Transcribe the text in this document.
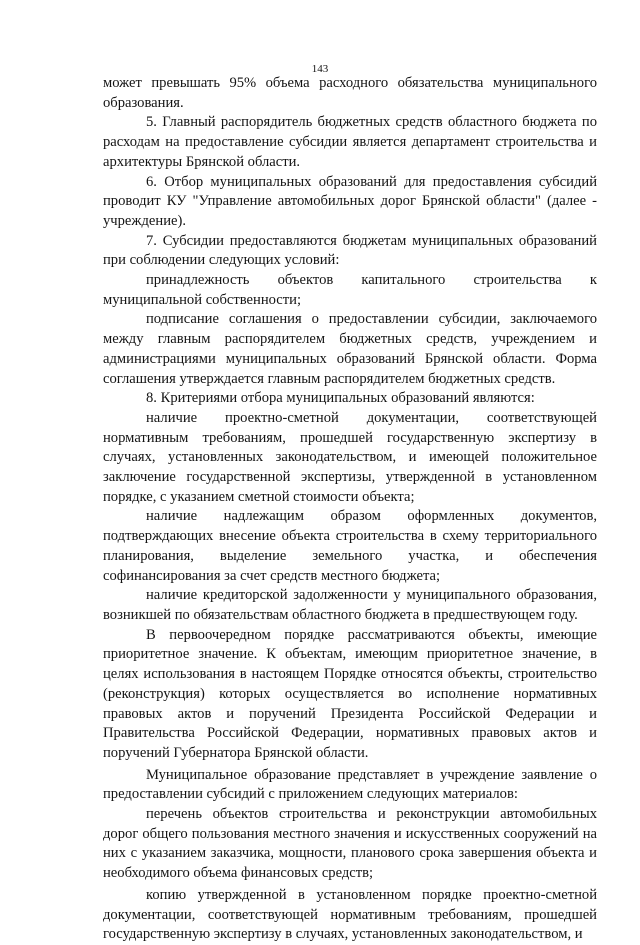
143

может превышать 95% объема расходного обязательства муниципального образования.

5. Главный распорядитель бюджетных средств областного бюджета по расходам на предоставление субсидии является департамент строительства и архитектуры Брянской области.

6. Отбор муниципальных образований для предоставления субсидий проводит КУ "Управление автомобильных дорог Брянской области" (далее - учреждение).

7. Субсидии предоставляются бюджетам муниципальных образований при соблюдении следующих условий:

принадлежность объектов капитального строительства к муниципальной собственности;

подписание соглашения о предоставлении субсидии, заключаемого между главным распорядителем бюджетных средств, учреждением и администрациями муниципальных образований Брянской области. Форма соглашения утверждается главным распорядителем бюджетных средств.

8. Критериями отбора муниципальных образований являются:

наличие проектно-сметной документации, соответствующей нормативным требованиям, прошедшей государственную экспертизу в случаях, установленных законодательством, и имеющей положительное заключение государственной экспертизы, утвержденной в установленном порядке, с указанием сметной стоимости объекта;

наличие надлежащим образом оформленных документов, подтверждающих внесение объекта строительства в схему территориального планирования, выделение земельного участка, и обеспечения софинансирования за счет средств местного бюджета;

наличие кредиторской задолженности у муниципального образования, возникшей по обязательствам областного бюджета в предшествующем году.

В первоочередном порядке рассматриваются объекты, имеющие приоритетное значение. К объектам, имеющим приоритетное значение, в целях использования в настоящем Порядке относятся объекты, строительство (реконструкция) которых осуществляется во исполнение нормативных правовых актов и поручений Президента Российской Федерации и Правительства Российской Федерации, нормативных правовых актов и поручений Губернатора Брянской области.

Муниципальное образование представляет в учреждение заявление о предоставлении субсидий с приложением следующих материалов:

перечень объектов строительства и реконструкции автомобильных дорог общего пользования местного значения и искусственных сооружений на них с указанием заказчика, мощности, планового срока завершения объекта и необходимого объема финансовых средств;

копию утвержденной в установленном порядке проектно-сметной документации, соответствующей нормативным требованиям, прошедшей государственную экспертизу в случаях, установленных законодательством, и
